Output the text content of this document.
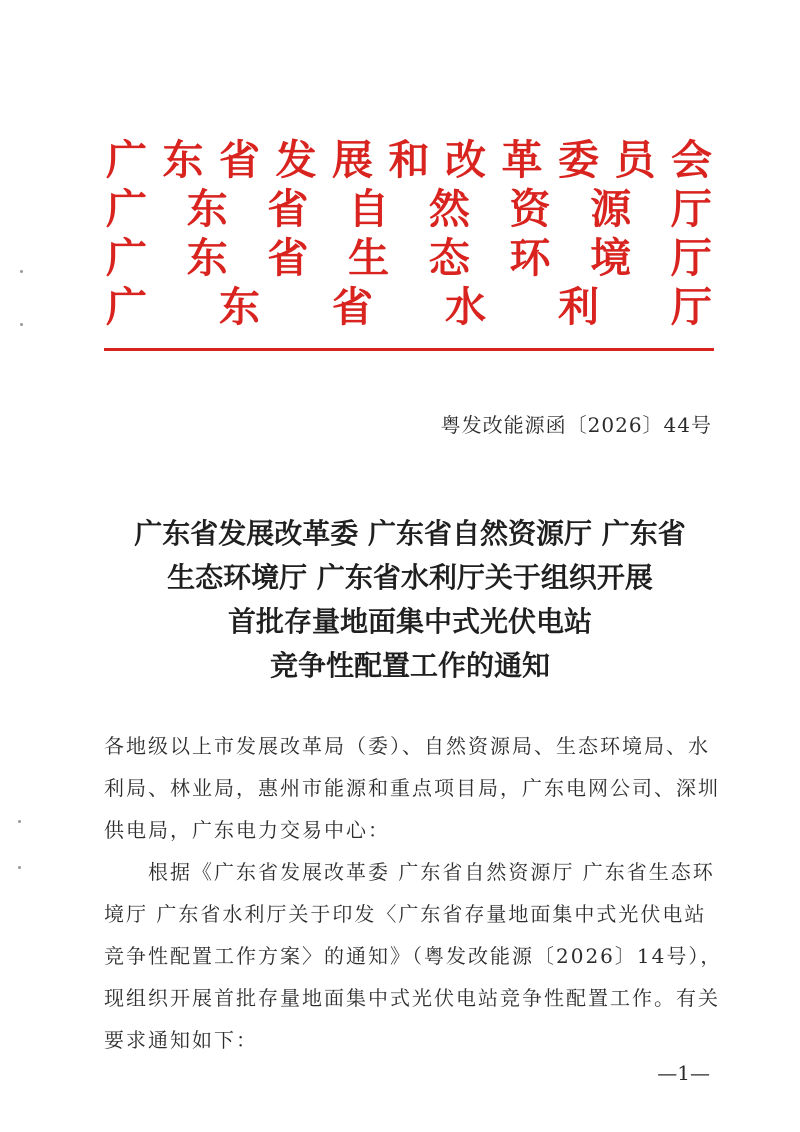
广 东 省 发 展 和 改 革 委 员 会
广 东 省 自 然 资 源 厅
广 东 省 生 态 环 境 厅
广 东 省 水 利 厅
粤发改能源函〔2026〕44号
广东省发展改革委 广东省自然资源厅 广东省
生态环境厅 广东省水利厅关于组织开展
首批存量地面集中式光伏电站
竞争性配置工作的通知

各地级以上市发展改革局（委）、自然资源局、生态环境局、水

利局、林业局，惠州市能源和重点项目局，广东电网公司、深圳

供电局，广东电力交易中心：

根据《广东省发展改革委 广东省自然资源厅 广东省生态环

境厅 广东省水利厅关于印发〈广东省存量地面集中式光伏电站

竞争性配置工作方案〉的通知》（粤发改能源〔2026〕14号），

现组织开展首批存量地面集中式光伏电站竞争性配置工作。有关

要求通知如下：

—1—
